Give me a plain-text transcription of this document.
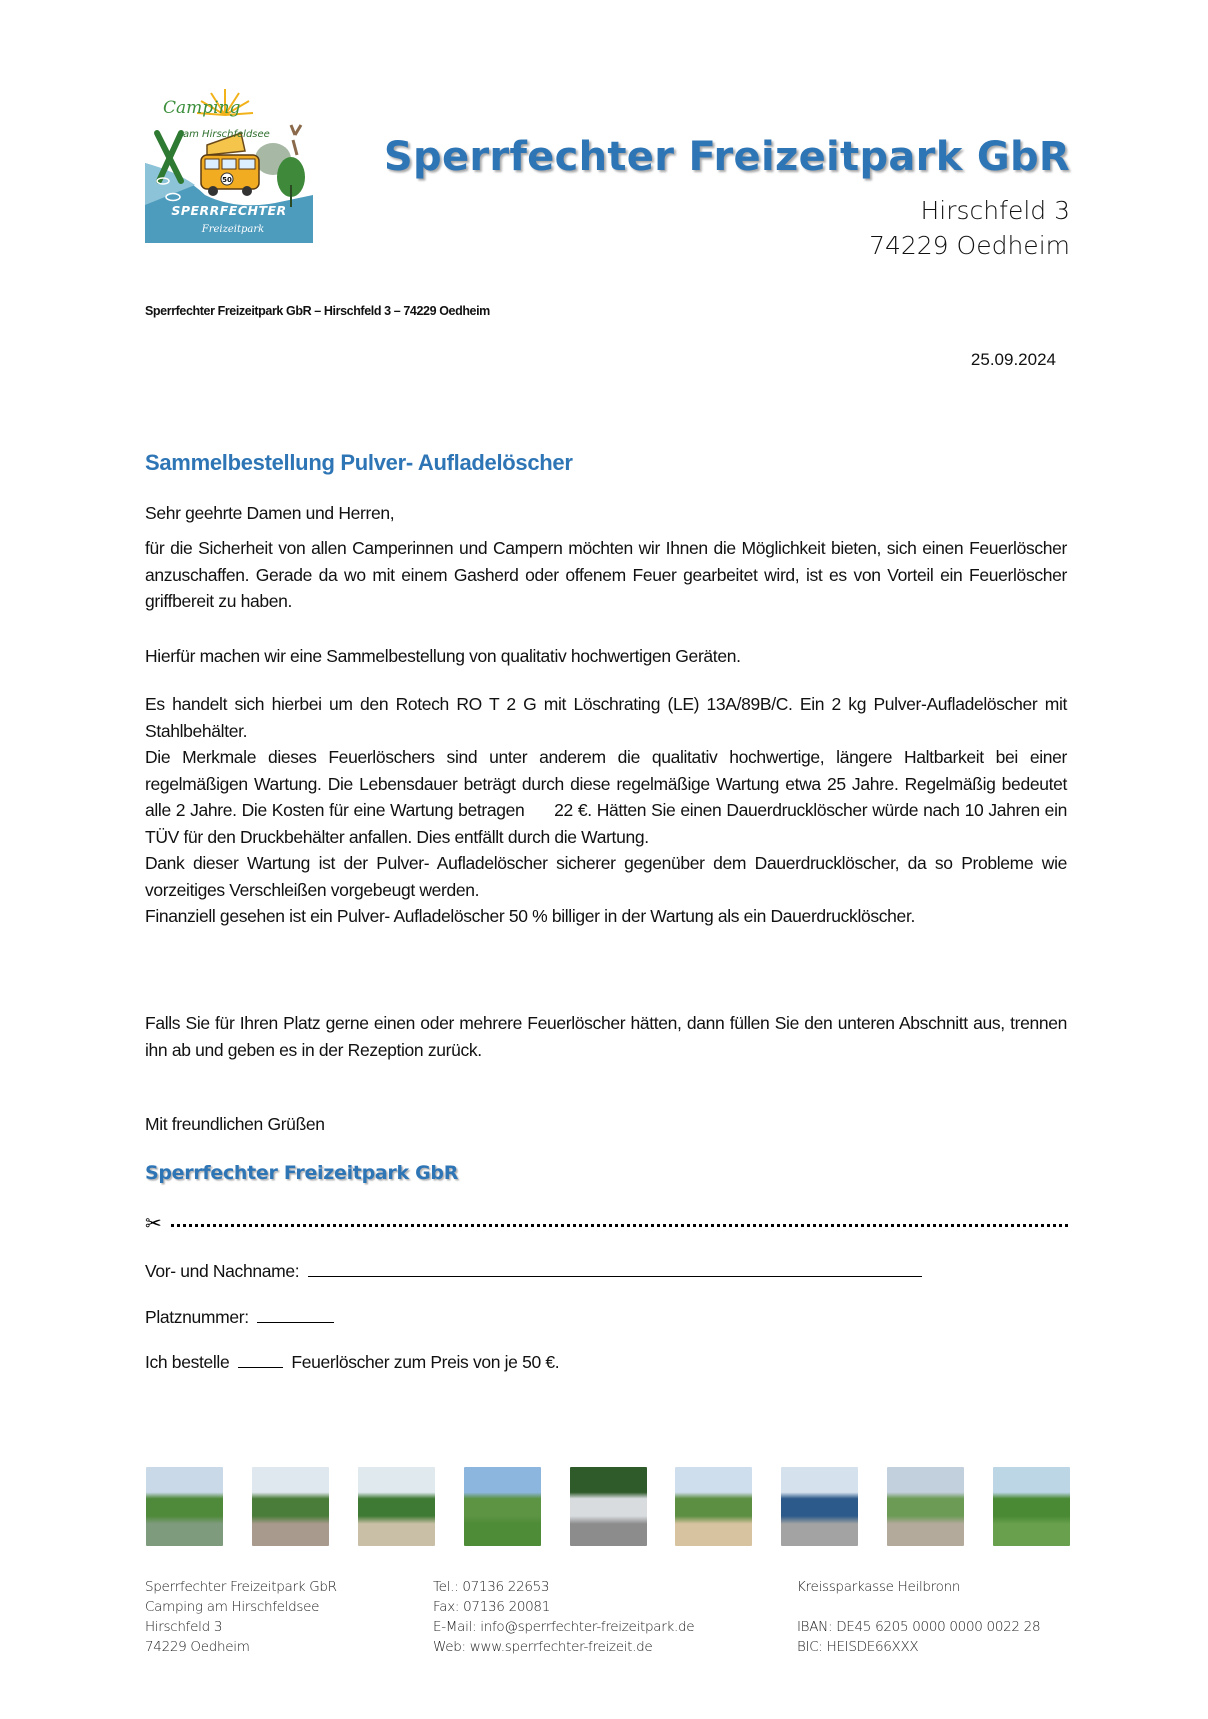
50
Camping
am Hirschfeldsee
SPERRFECHTER
Freizeitpark
Sperrfechter Freizeitpark GbR
Hirschfeld 3
74229 Oedheim
Sperrfechter Freizeitpark GbR – Hirschfeld 3 – 74229 Oedheim
25.09.2024
Sammelbestellung Pulver- Aufladelöscher

Sehr geehrte Damen und Herren,

für die Sicherheit von allen Camperinnen und Campern möchten wir Ihnen die Möglichkeit bieten, sich einen Feuerlöscher anzuschaffen. Gerade da wo mit einem Gasherd oder offenem Feuer gearbeitet wird, ist es von Vorteil ein Feuerlöscher griffbereit zu haben.

Hierfür machen wir eine Sammelbestellung von qualitativ hochwertigen Geräten.

Es handelt sich hierbei um den Rotech RO T 2 G mit Löschrating (LE) 13A/89B/C. Ein 2 kg Pulver-Aufladelöscher mit Stahlbehälter.

Die Merkmale dieses Feuerlöschers sind unter anderem die qualitativ hochwertige, längere Haltbarkeit bei einer regelmäßigen Wartung. Die Lebensdauer beträgt durch diese regelmäßige Wartung etwa 25 Jahre. Regelmäßig bedeutet alle 2 Jahre. Die Kosten für eine Wartung betragen      22 €. Hätten Sie einen Dauerdrucklöscher würde nach 10 Jahren ein TÜV für den Druckbehälter anfallen. Dies entfällt durch die Wartung.

Dank dieser Wartung ist der Pulver- Aufladelöscher sicherer gegenüber dem Dauerdrucklöscher, da so Probleme wie vorzeitiges Verschleißen vorgebeugt werden.

Finanziell gesehen ist ein Pulver- Aufladelöscher 50 % billiger in der Wartung als ein Dauerdrucklöscher.

Falls Sie für Ihren Platz gerne einen oder mehrere Feuerlöscher hätten, dann füllen Sie den unteren Abschnitt aus, trennen ihn ab und geben es in der Rezeption zurück.

Mit freundlichen Grüßen
Sperrfechter Freizeitpark GbR
✂
Vor- und Nachname:
Platznummer:
Ich bestelle	Feuerlöscher zum Preis von je 50 €.
Sperrfechter Freizeitpark GbR
Camping am Hirschfeldsee
Hirschfeld 3
74229 Oedheim
Tel.: 07136 22653
Fax: 07136 20081
E-Mail: info@sperrfechter-freizeitpark.de
Web: www.sperrfechter-freizeit.de
Kreissparkasse Heilbronn
IBAN: DE45 6205 0000 0000 0022 28
BIC: HEISDE66XXX
